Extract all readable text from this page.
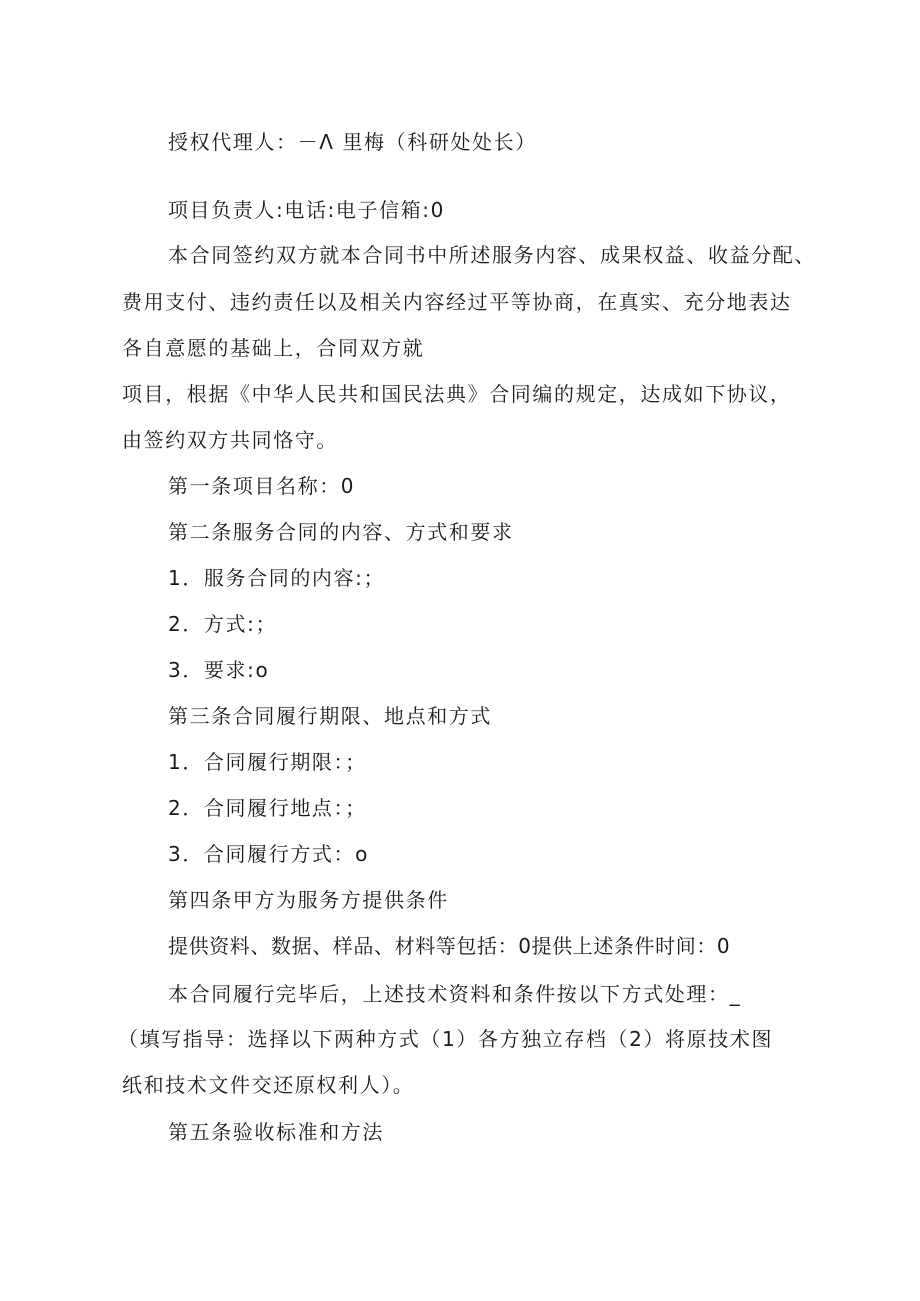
授权代理人：－Λ 里梅（科研处处长）
项目负责人:电话:电子信箱:0
本合同签约双方就本合同书中所述服务内容、成果权益、收益分配、
费用支付、违约责任以及相关内容经过平等协商，在真实、充分地表达
各自意愿的基础上，合同双方就
项目，根据《中华人民共和国民法典》合同编的规定，达成如下协议，
由签约双方共同恪守。
第一条项目名称：0
第二条服务合同的内容、方式和要求
1．服务合同的内容:；
2．方式:；
3．要求:o
第三条合同履行期限、地点和方式
1．合同履行期限：；
2．合同履行地点：；
3．合同履行方式：o
第四条甲方为服务方提供条件
提供资料、数据、样品、材料等包括：0提供上述条件时间：0
本合同履行完毕后，上述技术资料和条件按以下方式处理：_
（填写指导：选择以下两种方式（1）各方独立存档（2）将原技术图
纸和技术文件交还原权利人）。
第五条验收标准和方法
